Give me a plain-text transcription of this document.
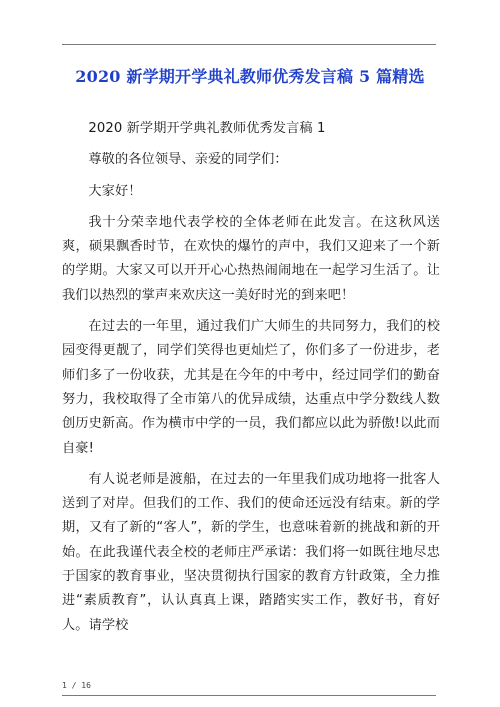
2020 新学期开学典礼教师优秀发言稿 5 篇精选

2020 新学期开学典礼教师优秀发言稿 1

尊敬的各位领导、亲爱的同学们：

大家好！

我十分荣幸地代表学校的全体老师在此发言。在这秋风送爽，硕果飘香时节，在欢快的爆竹的声中，我们又迎来了一个新的学期。大家又可以开开心心热热闹闹地在一起学习生活了。让我们以热烈的掌声来欢庆这一美好时光的到来吧！

在过去的一年里，通过我们广大师生的共同努力，我们的校园变得更靓了，同学们笑得也更灿烂了，你们多了一份进步，老师们多了一份收获，尤其是在今年的中考中，经过同学们的勤奋努力，我校取得了全市第八的优异成绩，达重点中学分数线人数创历史新高。作为横市中学的一员，我们都应以此为骄傲!以此而自豪!

有人说老师是渡船，在过去的一年里我们成功地将一批客人送到了对岸。但我们的工作、我们的使命还远没有结束。新的学期，又有了新的“客人”，新的学生，也意味着新的挑战和新的开始。在此我谨代表全校的老师庄严承诺：我们将一如既往地尽忠于国家的教育事业，坚决贯彻执行国家的教育方针政策，全力推进“素质教育”，认认真真上课，踏踏实实工作，教好书，育好人。请学校

1 / 16
